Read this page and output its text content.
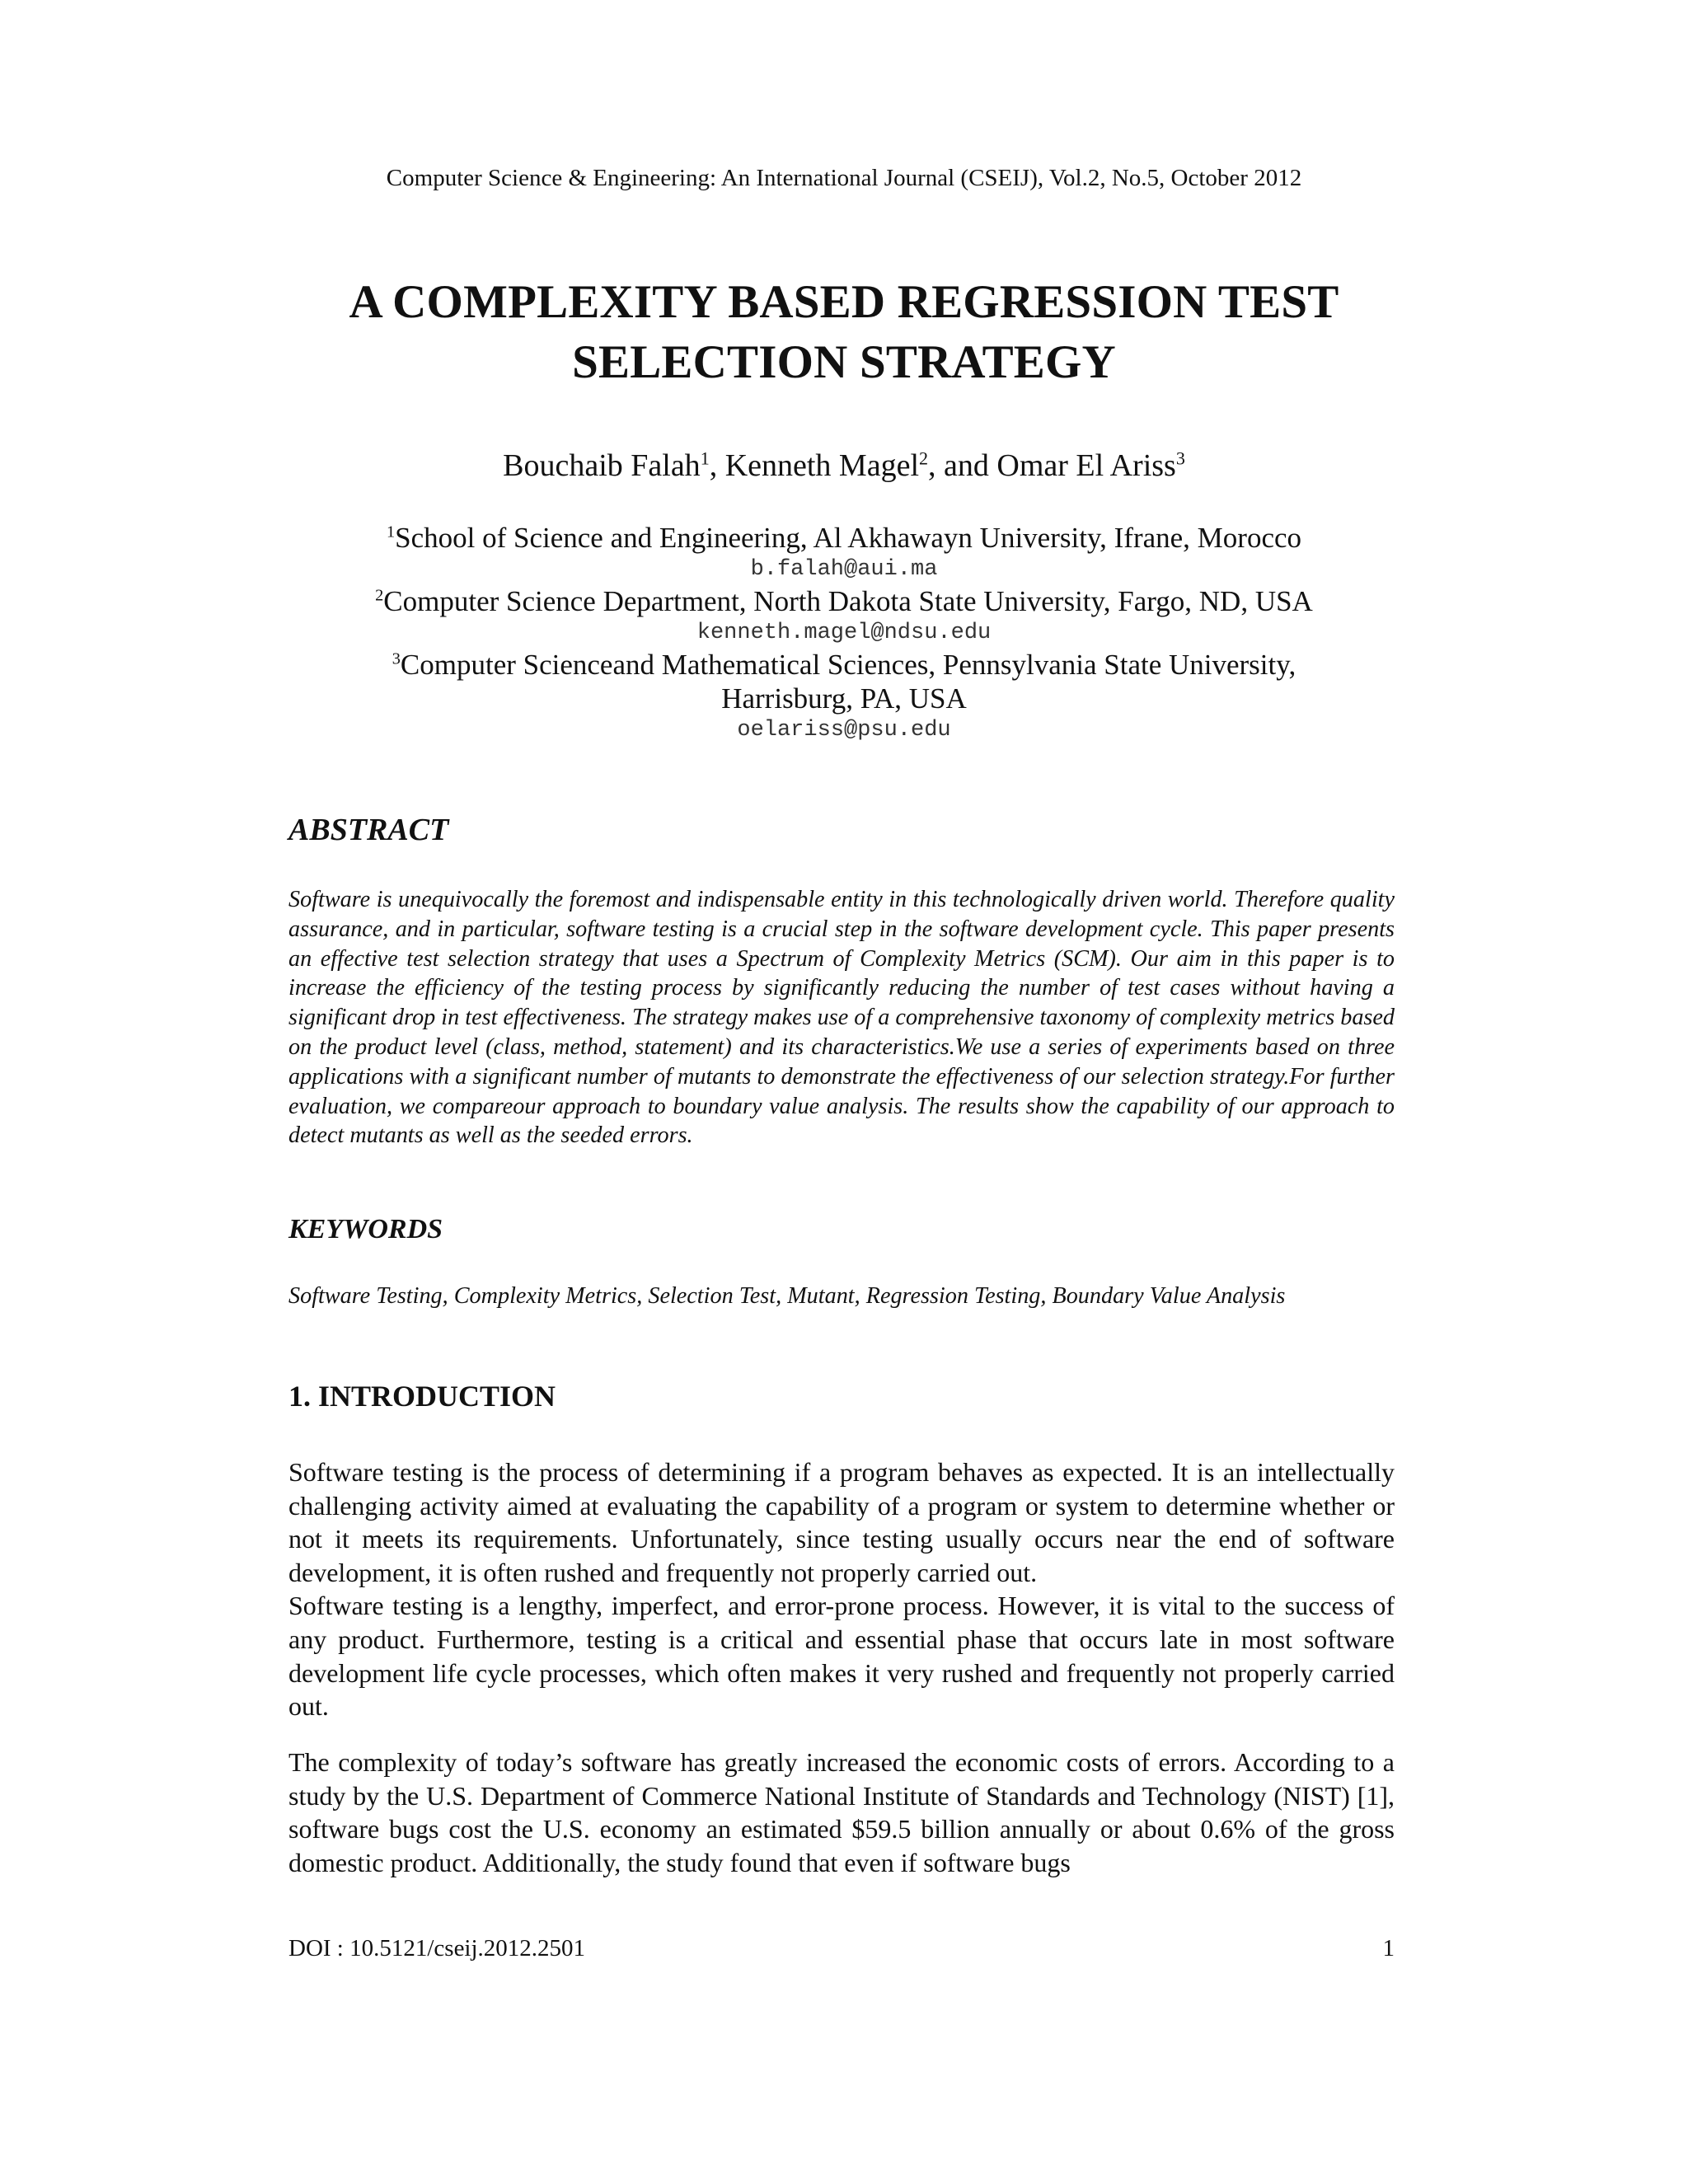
Computer Science & Engineering: An International Journal (CSEIJ), Vol.2, No.5, October 2012
A COMPLEXITY BASED REGRESSION TEST
SELECTION STRATEGY
Bouchaib Falah$^1$, Kenneth Magel$^2$, and Omar El Ariss$^3$
$^1$School of Science and Engineering, Al Akhawayn University, Ifrane, Morocco
b.falah@aui.ma
$^2$Computer Science Department, North Dakota State University, Fargo, ND, USA
kenneth.magel@ndsu.edu
$^3$Computer Scienceand Mathematical Sciences, Pennsylvania State University,
Harrisburg, PA, USA
oelariss@psu.edu
ABSTRACT
Software is unequivocally the foremost and indispensable entity in this technologically driven world. Therefore quality assurance, and in particular, software testing is a crucial step in the software development cycle. This paper presents an effective test selection strategy that uses a Spectrum of Complexity Metrics (SCM). Our aim in this paper is to increase the efficiency of the testing process by significantly reducing the number of test cases without having a significant drop in test effectiveness. The strategy makes use of a comprehensive taxonomy of complexity metrics based on the product level (class, method, statement) and its characteristics.We use a series of experiments based on three applications with a significant number of mutants to demonstrate the effectiveness of our selection strategy.For further evaluation, we compareour approach to boundary value analysis. The results show the capability of our approach to detect mutants as well as the seeded errors.
KEYWORDS
Software Testing, Complexity Metrics, Selection Test, Mutant, Regression Testing, Boundary Value Analysis
1. INTRODUCTION

Software testing is the process of determining if a program behaves as expected. It is an intellectually challenging activity aimed at evaluating the capability of a program or system to determine whether or not it meets its requirements. Unfortunately, since testing usually occurs near the end of software development, it is often rushed and frequently not properly carried out.

Software testing is a lengthy, imperfect, and error-prone process. However, it is vital to the success of any product. Furthermore, testing is a critical and essential phase that occurs late in most software development life cycle processes, which often makes it very rushed and frequently not properly carried out.

The complexity of today’s software has greatly increased the economic costs of errors. According to a study by the U.S. Department of Commerce National Institute of Standards and Technology (NIST) [1], software bugs cost the U.S. economy an estimated $59.5 billion annually or about 0.6% of the gross domestic product. Additionally, the study found that even if software bugs

DOI : 10.5121/cseij.2012.2501	1
